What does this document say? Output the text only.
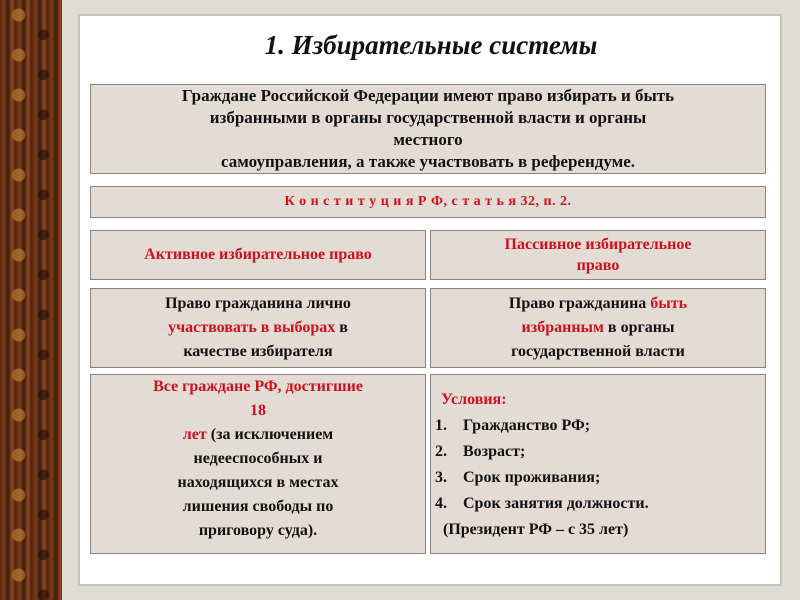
1. Избирательные системы
Граждане Российской Федерации имеют право избирать и быть
избранными в органы государственной власти и органы
местного
самоуправления, а также участвовать в референдуме.
К о н с т и т у ц и я Р Ф, с т а т ь я 32, п. 2.
Активное избирательное право
Пассивное избирательное
право
Право гражданина лично
участвовать в выборах в
качестве избирателя
Право гражданина быть
избранным в органы
государственной власти
Все граждане РФ, достигшие
18
лет (за исключением
недееспособных и
находящихся в местах
лишения свободы по
приговору суда).
Условия:
1.	Гражданство РФ;
2.	Возраст;
3.	Срок проживания;
4.	Срок занятия должности.
(Президент РФ – с 35 лет)
